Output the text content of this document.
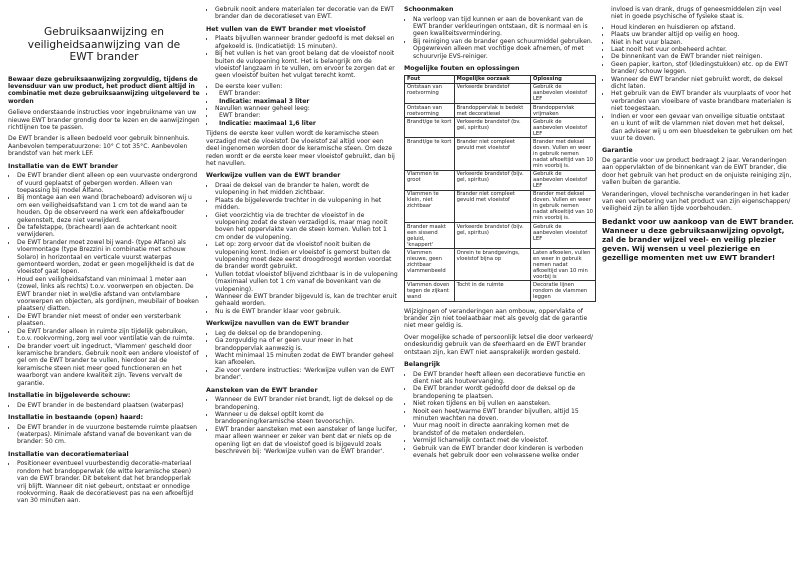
Gebruiksaanwijzing en
veiligheidsaanwijzing van de
EWT brander

Bewaar deze gebruiksaanwijzing zorgvuldig, tijdens de levensduur van uw product, het product dient altijd in combinatie met deze gebruiksaanwijzing uitgeleverd te worden

Gelieve onderstaande instructies voor ingebruikname van uw nieuwe EWT brander grondig door te lezen en de aanwijzingen richtlijnen toe te passen.

De EWT brander is alleen bedoeld voor gebruik binnenhuis. Aanbevolen temperatuurzone: 10° C tot 35°C. Aanbevolen brandstof van het merk LEF.

Installatie van de EWT brander
• De EWT brander dient alleen op een vuurvaste ondergrond of vuurd geplaatst of gebergen worden. Alleen van toepassing bij model Alfano.
• Bij montage aan een wand (bracheboard) advisoren wij u om een veiligheidsafstand van 1 cm tot de wand aan te houden. Op de observeerd na werk een afdekafbouder gekennstelt, deze niet verwijderd.
• De tafelstappe, (bracheard) aan de achterkant nooit verwijderen.
• De EWT brander moet zowel bij wand- (type Alfano) als vloermontage (type Brezzini in combinatie met schouw Solaro) in horizontaal en verticale vuurst waterpas gemonteerd worden, zodat er geen mogelijkheid is dat de vloeistof gaat lopen.
• Houd een veiligheidsafstand van minimaal 1 meter aan (zowel, links als rechts) t.o.v. voorwerpen en objecten. De EWT brander niet in wel/die afstand van ontvlambare voorwerpen en objecten, als gordijnen, meubilair of boeken plaatsen/ diatten.
• De EWT brander niet meest of onder een versterbank plaatsen.
• De EWT brander alleen in ruimte zijn tijdelijk gebruiken, t.o.v. rookvorming, zorg wel voor ventilatie van de ruimte.
• De brander voert uit ingedruct, 'Vlammen' gescheld door keramische branders. Gebruik nooit een andere vloeistof of gel om de EWT brander te vullen, hierdoor zal de keramische steen niet meer goed functioneren en het waarborgt van andere kwaliteit zijn. Tevens vervalt de garantie.
Installatie in bijgeleverde schouw:
• De EWT brander in de bestendard plaatsen (waterpas)
Installatie in bestaande (open) haard:
• De EWT brander in de vuurzone bestemde ruimte plaatsen (waterpas). Minimale afstand vanaf de bovenkant van de brander: 50 cm.
Installatie van decoratiemateriaal
• Positioneer eventueel vuurbestendig decoratie-materiaal rondom het brandopperwlak (de witte keramische steen) van de EWT brander. Dit betekent dat het brandopperlak vrij blijft. Wanneer dit niet gebeurt, ontstaat er onnodige rookvorming. Raak de decoratievest pas na een afkoeltijd van 30 minuten aan.
• Gebruik nooit andere materialen ter decoratie van de EWT brander dan de decoratieset van EWT.
Het vullen van de EWT brander met vloeistof
• Plaats bijvullen wanneer brander gedoofd is met deksel en afgekoeld is. (Indicatietijd: 15 minuten).
• Bij het vullen is het van groot belang dat de vloeistof nooit buiten de vulopening komt. Het is belangrijk om de vloeistof langzaam in te vullen, om ervoor te zorgen dat er geen vloeistof buiten het vulgat terecht komt.
• De eerste keer vullen:
• EWT brander:
• Indicatie: maximaal 3 liter
• Navullen wanneer geheel leeg:
• EWT brander:
• Indicatie: maximaal 1,6 liter

Tijdens de eerste keer vullen wordt de keramische steen verzadigd met de vloeistof. De vloeistof zal altijd voor een deel ingenomen worden door de keramische steen. Om deze reden wordt er de eerste keer meer vloeistof gebruikt, dan bij het navullen.

Werkwijze vullen van de EWT brander
• Draai de deksel van de brander te halen, wordt de vulopening in het midden zichtbaar.
• Plaats de bijgeleverde trechter in de vulopening in het midden.
• Giet voorzichtig via de trechter de vloeistof in de vulopening zodat de steen verzadigd is, maar mag nooit boven het oppervlakte van de steen komen. Vullen tot 1 cm onder de vulopening.
• Let op: zorg ervoor dat de vloeistof nooit buiten de vulopening komt. Indien er vloeistof is gemorst buiten de vulopening moet deze eerst droogdroogd worden voordat de brander wordt gebruikt.
• Vullen totdat vloeistof blijvend zichtbaar is in de vulopening (maximaal vullen tot 1 cm vanaf de bovenkant van de vulopening).
• Wanneer de EWT brander bijgevuld is, kan de trechter eruit gehaald worden.
• Nu is de EWT brander klaar voor gebruik.
Werkwijze navullen van de EWT brander
• Leg de deksel op de brandopening.
• Ga zorgvuldig na of er geen vuur meer in het brandoppervlak aanwezig is.
• Wacht minimaal 15 minuten zodat de EWT brander geheel kan afkoelen.
• Zie voor verdere instructies: 'Werkwijze vullen van de EWT brander'.
Aansteken van de EWT brander
• Wanneer de EWT brander niet brandt, ligt de deksel op de brandopening.
• Wanneer u de deksel optilt komt de brandopening/keramische steen tevoorschijn.
• EWT brander aansteken met een aansteker of lange lucifer, maar alleen wanneer er zeker van bent dat er niets op de opening ligt en dat de vloeistof goed is bijgevuld zoals beschreven bij: 'Werkwijze vullen van de EWT brander'.
Schoonmaken
• Na verloop van tijd kunnen er aan de bovenkant van de EWT brander verkleuringen ontstaan, dit is normaal en is geen kwaliteitsvermindering.
• Bij reiniging van de brander geen schuurmiddel gebruiken. Opgewreven alleen met vochtige doek afnemen, of met schuurvrije EVS-reiniger.
Mogelijke fouten en oplossingen
Fout	Mogelijke oorzaak	Oplossing
Ontstaan van roetvorming	Verkeerde brandstof	Gebruik de aanbevolen vloeistof LEF
Ontstaan van roetvorming	Brandoppervlak is bedekt met decoratiesel	Brandoppervlak vrijmaken
Brandt/ge te kort	Verkeerde brandstof (bv. gel, spiritus)	Gebruik de aanbevolen vloeistof LEF
Brandt/ge te kort	Brander niet compleet gevuld met vloeistof	Brander met deksel doven. Vullen en weer in gebruik nemen nadat afkoeltijd van 10 min voorbij is.
Vlammen te groot	Verkeerde brandstof (bijv. gel, spiritus)	Gebruik de aanbevolen vloeistof LEF
Vlammen te klein, niet zichtbaar	Brander niet compleet gevuld met vloeistof	Brander met deksel doven. Vullen en weer in gebruik nemen nadat afkoeltijd van 10 min voorbij is.
Brander maakt een sissend geluid, 'knappert'	Verkeerde brandstof (bijv. gel, spiritus)	Gebruik de aanbevolen vloeistof LEF
Vlammen nieuwe, geen zichtbaar vlammenbeeld	Onrein te brandgevings, vloeistof bijna op	Laten afkoelen, vullen en weer in gebruik nemen nadat afkoeltijd van 10 min voorbij is
Vlammen doven tegen de zijkant wand	Tocht in de ruimte	Decoratie lijnen rondom de vlammen leggen

Wijzigingen of veranderingen aan ombouw, oppervlakte of brander zijn niet toelaatbaar met als gevolg dat de garantie niet meer geldig is.

Over mogelijke schade of persoonlijk letsel die door verkeerd/ ondeskundig gebruik van de sfeerhaard en de EWT brander ontstaan zijn, kan EWT niet aansprakelijk worden gesteld.

Belangrijk
• De EWT brander heeft alleen een decoratieve functie en dient niet als houtvervanging.
• De EWT brander wordt gedoofd door de deksel op de brandopening te plaatsen.
• Niet roken tijdens en bij vullen en aansteken.
• Nooit een heet/warme EWT brander bijvullen, altijd 15 minuten wachten na doven.
• Vuur mag nooit in directe aanraking komen met de brandstof of de metalen onderdelen.
• Vermijd lichamelijk contact met de vloeistof.
• Gebruik van de EWT brander door kinderen is verboden evenals het gebruik door een volwassene welke onder
invloed is van drank, drugs of geneesmiddelen zijn veel niet in goede psychische of fysieke staat is.
• Houd kinderen en huisdieren op afstand.
• Plaats uw brander altijd op veilig en hoog.
• Niet in het vuur blazen.
• Laat nooit het vuur onbeheerd achter.
• De binnenkant van de EWT brander niet reinigen.
• Geen papier, karton, stof (kledingstukken) etc. op de EWT brander/ schouw leggen.
• Wanneer de EWT brander niet gebruikt wordt, de deksel dicht laten.
• Het gebruik van de EWT brander als vuurplaats of voor het verbranden van vloeibare of vaste brandbare materialen is niet toegestaan.
• Indien er voor een gevaar van onveilige situatie ontstaat en u kunt of wilt de vlammen niet doven met het deksel, dan adviseer wij u om een bluesdeken te gebruiken om het vuur te doven.
Garantie

De garantie voor uw product bedraagt 2 jaar. Veranderingen aan oppervlakten of de binnenkant van de EWT brander, die door het gebruik van het product en de onjuiste reiniging zijn, vallen buiten de garantie.

Veranderingen, vlovel technische veranderingen in het kader van een verbetering van het product van zijn eigenschappen/ veiligheid zijn te allen tijde voorbehouden.

Bedankt voor uw aankoop van de EWT brander. Wanneer u deze gebruiksaanwijzing opvolgt, zal de brander wijzel veel- en veilig plezier geven. Wij wensen u veel plezierige en gezellige momenten met uw EWT brander!
